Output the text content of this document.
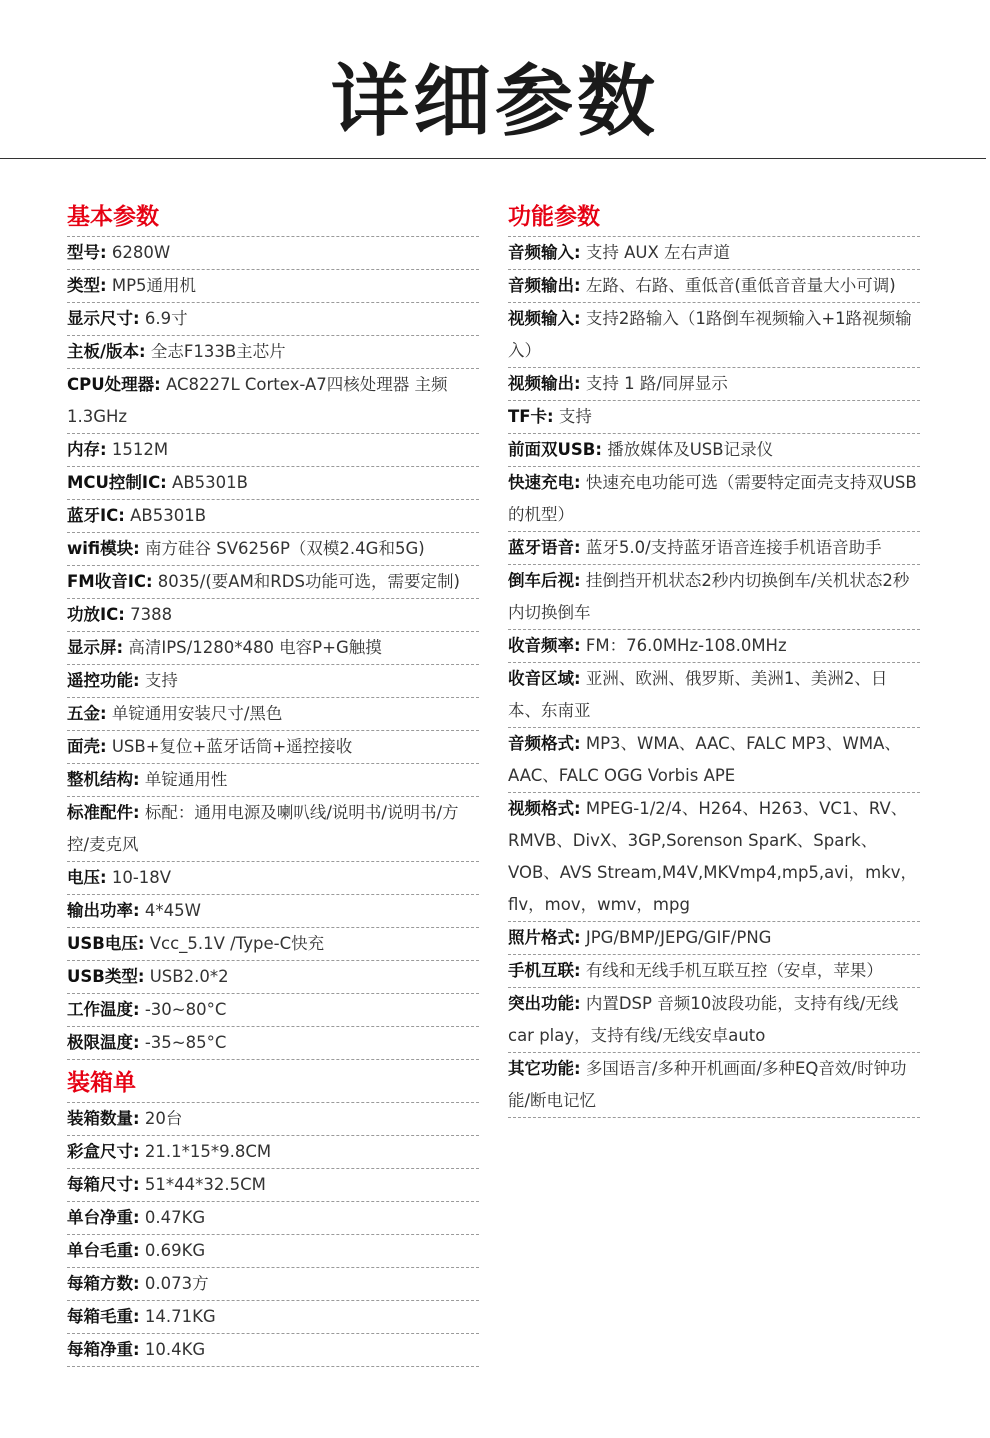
详细参数
基本参数
型号: 6280W
类型: MP5通用机
显示尺寸: 6.9寸
主板/版本: 全志F133B主芯片
CPU处理器: AC8227L Cortex-A7四核处理器 主频1.3GHz
内存: 1512M
MCU控制IC: AB5301B
蓝牙IC: AB5301B
wifi模块: 南方硅谷 SV6256P（双模2.4G和5G)
FM收音IC: 8035/(要AM和RDS功能可选，需要定制)
功放IC: 7388
显示屏: 高清IPS/1280*480 电容P+G触摸
遥控功能: 支持
五金: 单锭通用安装尺寸/黑色
面壳: USB+复位+蓝牙话筒+遥控接收
整机结构: 单锭通用性
标准配件: 标配：通用电源及喇叭线/说明书/说明书/方控/麦克风
电压: 10-18V
输出功率: 4*45W
USB电压: Vcc_5.1V /Type-C快充
USB类型: USB2.0*2
工作温度: -30~80°C
极限温度: -35~85°C
装箱单
装箱数量: 20台
彩盒尺寸: 21.1*15*9.8CM
每箱尺寸: 51*44*32.5CM
单台净重: 0.47KG
单台毛重: 0.69KG
每箱方数: 0.073方
每箱毛重: 14.71KG
每箱净重: 10.4KG
功能参数
音频输入: 支持 AUX 左右声道
音频输出: 左路、右路、重低音(重低音音量大小可调)
视频输入: 支持2路输入（1路倒车视频输入+1路视频输入）
视频输出: 支持 1 路/同屏显示
TF卡: 支持
前面双USB: 播放媒体及USB记录仪
快速充电: 快速充电功能可选（需要特定面壳支持双USB的机型）
蓝牙语音: 蓝牙5.0/支持蓝牙语音连接手机语音助手
倒车后视: 挂倒挡开机状态2秒内切换倒车/关机状态2秒内切换倒车
收音频率: FM：76.0MHz-108.0MHz
收音区域: 亚洲、欧洲、俄罗斯、美洲1、美洲2、日本、东南亚
音频格式: MP3、WMA、AAC、FALC MP3、WMA、AAC、FALC OGG Vorbis APE
视频格式: MPEG-1/2/4、H264、H263、VC1、RV、RMVB、DivX、3GP,Sorenson SparK、Spark、VOB、AVS Stream,M4V,MKVmp4,mp5,avi，mkv，flv，mov，wmv，mpg
照片格式: JPG/BMP/JEPG/GIF/PNG
手机互联: 有线和无线手机互联互控（安卓，苹果）
突出功能: 内置DSP 音频10波段功能，支持有线/无线car play，支持有线/无线安卓auto
其它功能: 多国语言/多种开机画面/多种EQ音效/时钟功能/断电记忆
